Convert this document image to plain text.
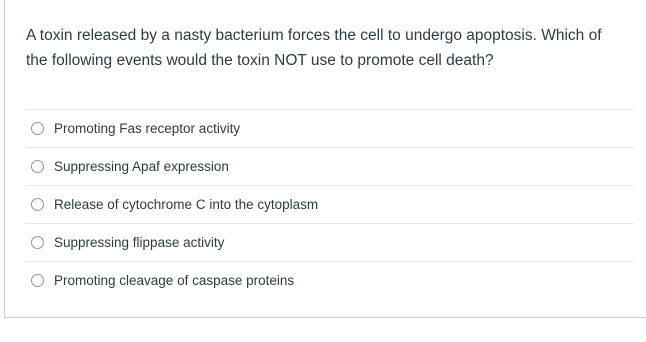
A toxin released by a nasty bacterium forces the cell to undergo apoptosis. Which of the following events would the toxin NOT use to promote cell death?

Promoting Fas receptor activity
Suppressing Apaf expression
Release of cytochrome C into the cytoplasm
Suppressing flippase activity
Promoting cleavage of caspase proteins
